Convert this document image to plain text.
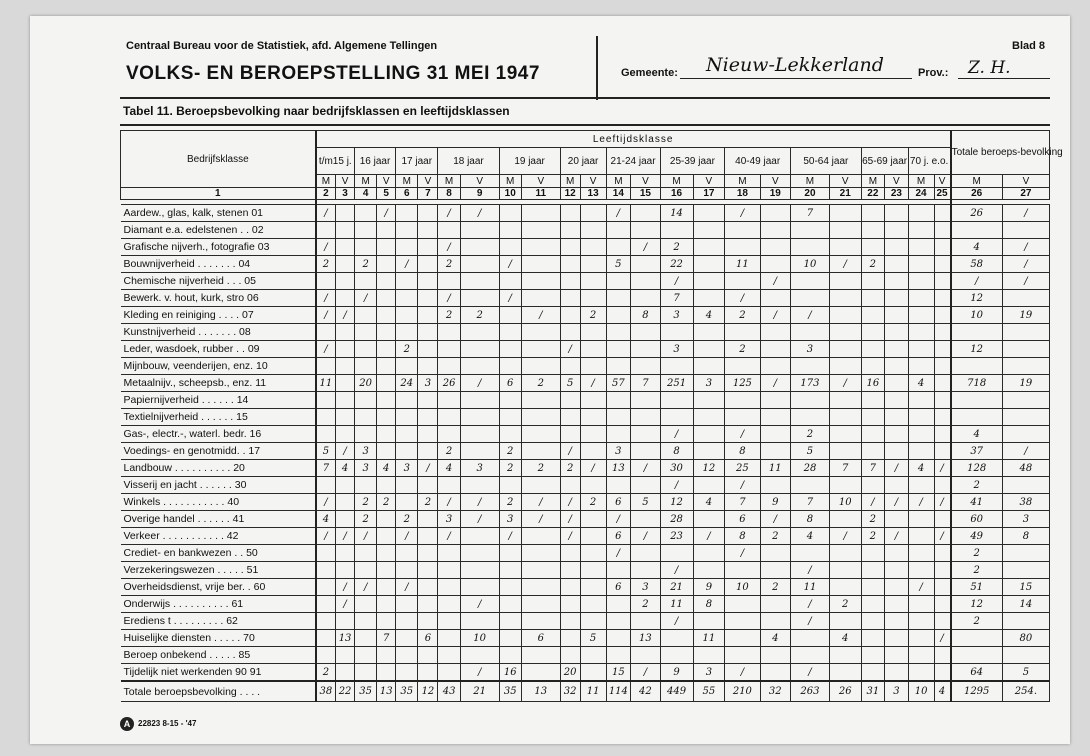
Centraal Bureau voor de Statistiek, afd. Algemene Tellingen
VOLKS- EN BEROEPSTELLING 31 MEI 1947
Blad 8
Gemeente: Nieuw-Lekkerland	Prov.: Z. H.
Tabel 11. Beroepsbevolking naar bedrijfsklassen en leeftijdsklassen
Bedrijfsklasse	Leeftijdsklasse																								Totale beroeps-bevolking	
	t/m15 j.		16 jaar		17 jaar		18 jaar		19 jaar		20 jaar		21-24 jaar		25-39 jaar		40-49 jaar		50-64 jaar		65-69 jaar		70 j. e.o.			
	M	V	M	V	M	V	M	V	M	V	M	V	M	V	M	V	M	V	M	V	M	V	M	V	M	V
1	2	3	4	5	6	7	8	9	10	11	12	13	14	15	16	17	18	19	20	21	22	23	24	25	26	27

Aardew., glas, kalk, stenen 01	/			/			/	/					/		14		/		7						26	/
Diamant e.a. edelstenen . . 02																										
Grafische nijverh., fotografie 03	/						/							/	2										4	/
Bouwnijverheid . . . . . . . 04	2		2		/		2		/				5		22		11		10	/	2				58	/
Chemische nijverheid . . . 05															/			/							/	/
Bewerk. v. hout, kurk, stro 06	/		/				/		/						7		/								12	
Kleding en reiniging . . . . 07	/	/					2	2		/		2		8	3	4	2	/	/						10	19
Kunstnijverheid . . . . . . . 08																										
Leder, wasdoek, rubber . . 09	/				2						/				3		2		3						12	
Mijnbouw, veenderijen, enz. 10																										
Metaalnijv., scheepsb., enz. 11	11		20		24	3	26	/	6	2	5	/	57	7	251	3	125	/	173	/	16		4		718	19
Papiernijverheid . . . . . . 14																										
Textielnijverheid . . . . . . 15																										
Gas-, electr.-, waterl. bedr. 16															/		/		2						4	
Voedings- en genotmidd. . 17	5	/	3				2		2		/		3		8		8		5						37	/
Landbouw . . . . . . . . . . 20	7	4	3	4	3	/	4	3	2	2	2	/	13	/	30	12	25	11	28	7	7	/	4	/	128	48
Visserij en jacht . . . . . . 30															/		/								2	
Winkels . . . . . . . . . . . 40	/		2	2		2	/	/	2	/	/	2	6	5	12	4	7	9	7	10	/	/	/	/	41	38
Overige handel . . . . . . 41	4		2		2		3	/	3	/	/		/		28		6	/	8		2				60	3
Verkeer . . . . . . . . . . . 42	/	/	/		/		/		/		/		6	/	23	/	8	2	4	/	2	/		/	49	8
Crediet- en bankwezen . . 50													/				/								2	
Verzekeringswezen . . . . . 51															/				/						2	
Overheidsdienst, vrije ber. . 60		/	/		/								6	3	21	9	10	2	11				/		51	15
Onderwijs . . . . . . . . . . 61		/						/						2	11	8			/	2					12	14
Erediens t . . . . . . . . . 62															/				/						2	
Huiselijke diensten . . . . . 70		13		7		6		10		6		5		13		11		4		4				/		80
Beroep onbekend . . . . . 85																										
Tijdelijk niet werkenden 90 91	2							/	16		20		15	/	9	3	/		/						64	5
Totale beroepsbevolking . . . .	38	22	35	13	35	12	43	21	35	13	32	11	114	42	449	55	210	32	263	26	31	3	10	4	1295	254.
A 22823 8-15 - '47
